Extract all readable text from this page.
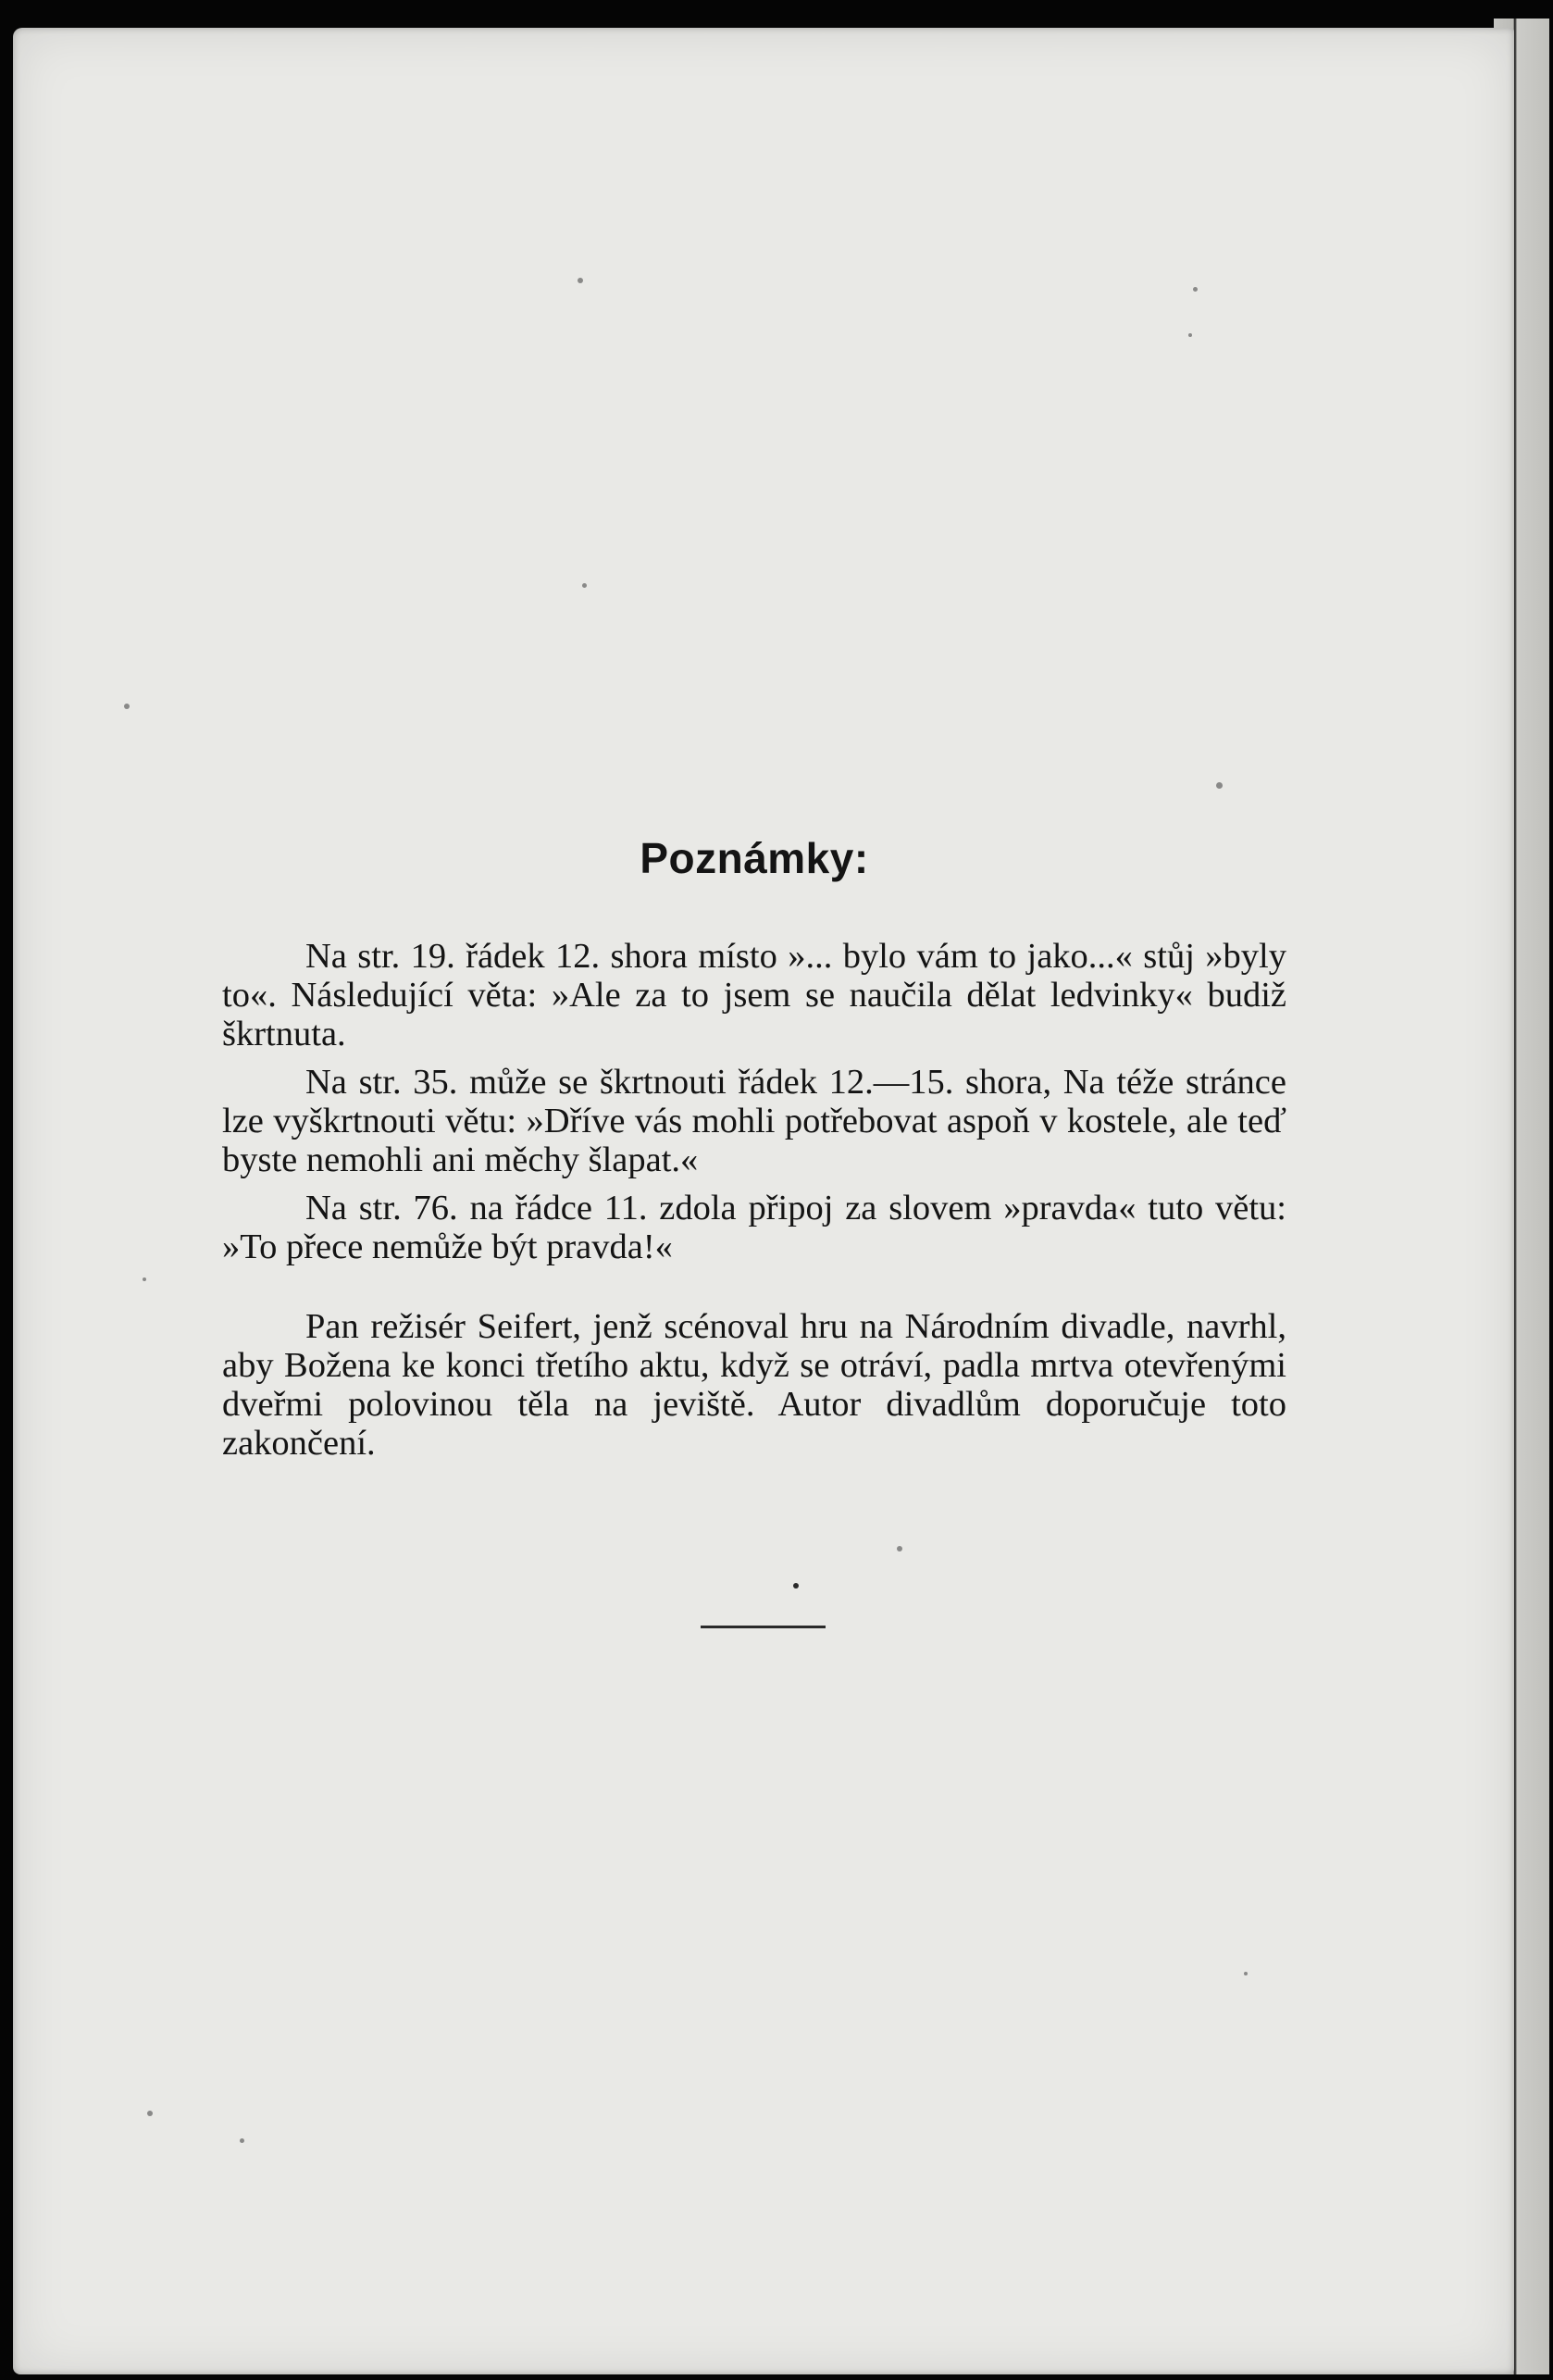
Poznámky:

Na str. 19. řádek 12. shora místo »... bylo vám to jako...« stůj »byly to«. Následující věta: »Ale za to jsem se naučila dělat ledvinky« budiž škrtnuta.

Na str. 35. může se škrtnouti řádek 12.—15. shora, Na téže stránce lze vyškrtnouti větu: »Dříve vás mohli potřebovat aspoň v kostele, ale teď byste nemohli ani měchy šlapat.«

Na str. 76. na řádce 11. zdola připoj za slovem »pravda« tuto větu: »To přece nemůže být pravda!«

Pan režisér Seifert, jenž scénoval hru na Národním divadle, navrhl, aby Božena ke konci třetího aktu, když se otráví, padla mrtva otevřenými dveřmi polovinou těla na jeviště. Autor divadlům doporučuje toto zakončení.
